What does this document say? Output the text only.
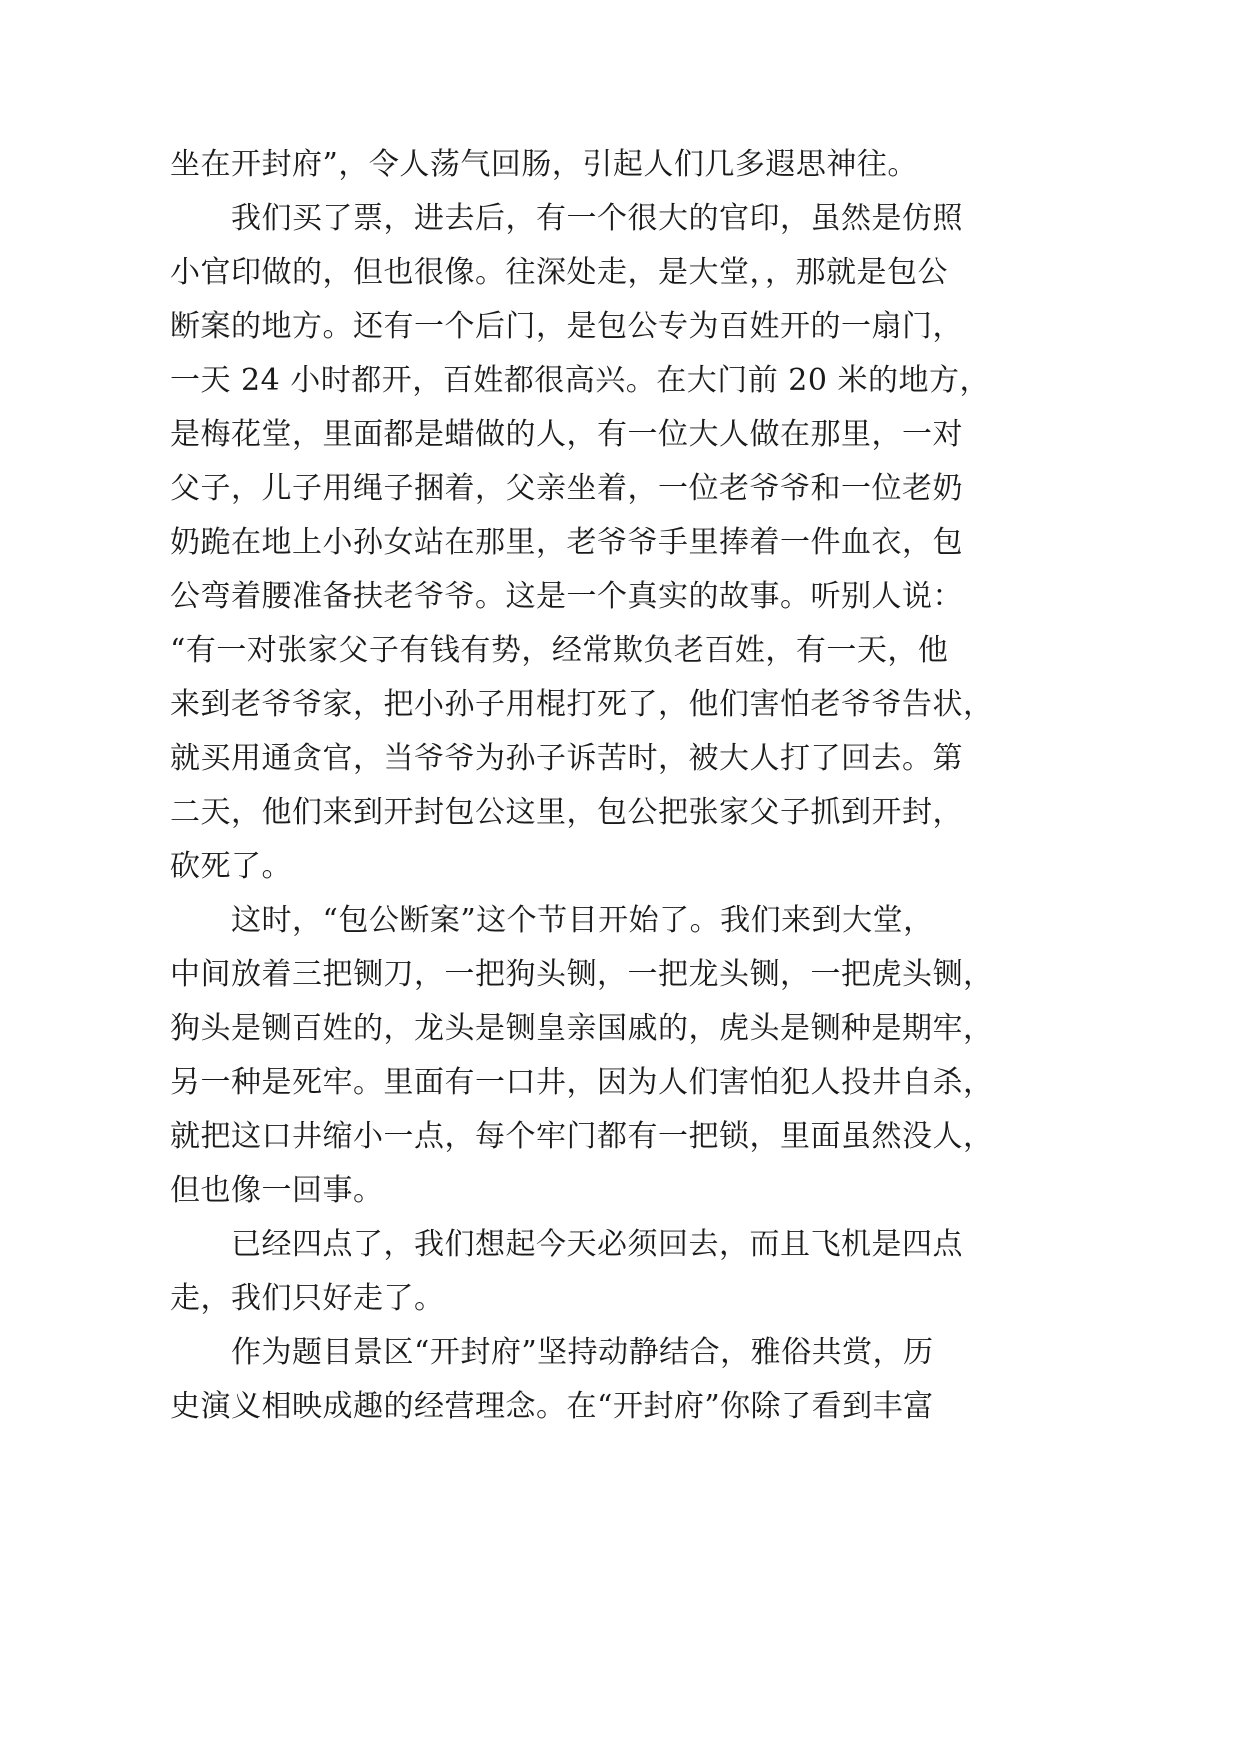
坐在开封府”，令人荡气回肠，引起人们几多遐思神往。
我们买了票，进去后，有一个很大的官印，虽然是仿照
小官印做的，但也很像。往深处走，是大堂，，那就是包公
断案的地方。还有一个后门，是包公专为百姓开的一扇门，
一天 24 小时都开，百姓都很高兴。在大门前 20 米的地方，
是梅花堂，里面都是蜡做的人，有一位大人做在那里，一对
父子，儿子用绳子捆着，父亲坐着，一位老爷爷和一位老奶
奶跪在地上小孙女站在那里，老爷爷手里捧着一件血衣，包
公弯着腰准备扶老爷爷。这是一个真实的故事。听别人说：
“有一对张家父子有钱有势，经常欺负老百姓，有一天，他
来到老爷爷家，把小孙子用棍打死了，他们害怕老爷爷告状，
就买用通贪官，当爷爷为孙子诉苦时，被大人打了回去。第
二天，他们来到开封包公这里，包公把张家父子抓到开封，
砍死了。
这时，“包公断案”这个节目开始了。我们来到大堂，
中间放着三把铡刀，一把狗头铡，一把龙头铡，一把虎头铡，
狗头是铡百姓的，龙头是铡皇亲国戚的，虎头是铡种是期牢，
另一种是死牢。里面有一口井，因为人们害怕犯人投井自杀，
就把这口井缩小一点，每个牢门都有一把锁，里面虽然没人，
但也像一回事。
已经四点了，我们想起今天必须回去，而且飞机是四点
走，我们只好走了。
作为题目景区“开封府”坚持动静结合，雅俗共赏，历
史演义相映成趣的经营理念。在“开封府”你除了看到丰富
